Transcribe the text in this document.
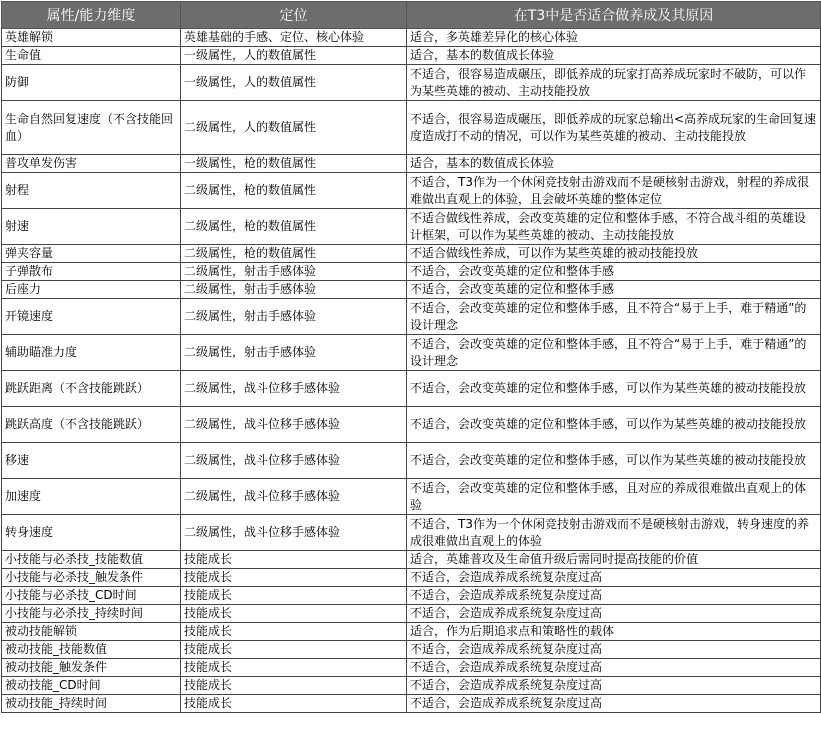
属性/能力维度	定位	在T3中是否适合做养成及其原因
英雄解锁	英雄基础的手感、定位、核心体验	适合，多英雄差异化的核心体验
生命值	一级属性，人的数值属性	适合，基本的数值成长体验
防御	一级属性，人的数值属性	不适合，很容易造成碾压，即低养成的玩家打高养成玩家时不破防，可以作为某些英雄的被动、主动技能投放
生命自然回复速度（不含技能回血）	二级属性，人的数值属性	不适合，很容易造成碾压，即低养成的玩家总输出<高养成玩家的生命回复速度造成打不动的情况，可以作为某些英雄的被动、主动技能投放
普攻单发伤害	一级属性，枪的数值属性	适合，基本的数值成长体验
射程	二级属性，枪的数值属性	不适合，T3作为一个休闲竞技射击游戏而不是硬核射击游戏，射程的养成很难做出直观上的体验，且会破坏英雄的整体定位
射速	二级属性，枪的数值属性	不适合做线性养成，会改变英雄的定位和整体手感，不符合战斗组的英雄设计框架，可以作为某些英雄的被动、主动技能投放
弹夹容量	二级属性，枪的数值属性	不适合做线性养成，可以作为某些英雄的被动技能投放
子弹散布	二级属性，射击手感体验	不适合，会改变英雄的定位和整体手感
后座力	二级属性，射击手感体验	不适合，会改变英雄的定位和整体手感
开镜速度	二级属性，射击手感体验	不适合，会改变英雄的定位和整体手感，且不符合“易于上手，难于精通”的设计理念
辅助瞄准力度	二级属性，射击手感体验	不适合，会改变英雄的定位和整体手感，且不符合“易于上手，难于精通”的设计理念
跳跃距离（不含技能跳跃）	二级属性，战斗位移手感体验	不适合，会改变英雄的定位和整体手感，可以作为某些英雄的被动技能投放
跳跃高度（不含技能跳跃）	二级属性，战斗位移手感体验	不适合，会改变英雄的定位和整体手感，可以作为某些英雄的被动技能投放
移速	二级属性，战斗位移手感体验	不适合，会改变英雄的定位和整体手感，可以作为某些英雄的被动技能投放
加速度	二级属性，战斗位移手感体验	不适合，会改变英雄的定位和整体手感，且对应的养成很难做出直观上的体验
转身速度	二级属性，战斗位移手感体验	不适合，T3作为一个休闲竞技射击游戏而不是硬核射击游戏，转身速度的养成很难做出直观上的体验
小技能与必杀技_技能数值	技能成长	适合，英雄普攻及生命值升级后需同时提高技能的价值
小技能与必杀技_触发条件	技能成长	不适合，会造成养成系统复杂度过高
小技能与必杀技_CD时间	技能成长	不适合，会造成养成系统复杂度过高
小技能与必杀技_持续时间	技能成长	不适合，会造成养成系统复杂度过高
被动技能解锁	技能成长	适合，作为后期追求点和策略性的载体
被动技能_技能数值	技能成长	不适合，会造成养成系统复杂度过高
被动技能_触发条件	技能成长	不适合，会造成养成系统复杂度过高
被动技能_CD时间	技能成长	不适合，会造成养成系统复杂度过高
被动技能_持续时间	技能成长	不适合，会造成养成系统复杂度过高
